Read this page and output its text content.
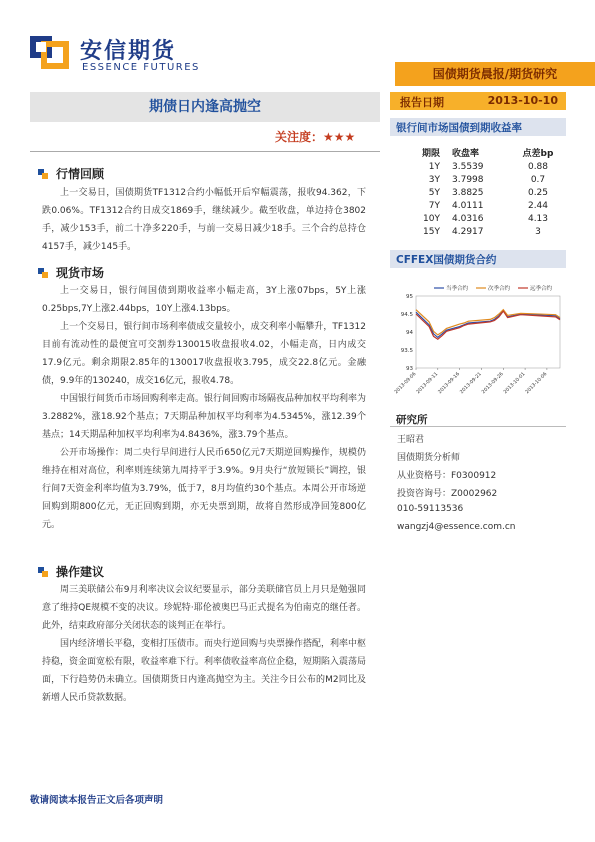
安信期货
ESSENCE FUTURES	国债期货晨报/期货研究
期债日内逢高抛空	报告日期	2013-10-10
关注度：★★★
行情回顾

上一交易日，国债期货TF1312合约小幅低开后窄幅震荡，报收94.362，下跌0.06%。TF1312合约日成交1869手，继续减少。截至收盘，单边持仓3802手，减少153手，前二十净多220手，与前一交易日减少18手。三个合约总持仓4157手，减少145手。

现货市场

上一交易日，银行间国债到期收益率小幅走高，3Y上涨07bps，5Y上涨0.25bps,7Y上涨2.44bps，10Y上涨4.13bps。

上一个交易日，银行间市场利率债成交量较小，成交利率小幅攀升，TF1312目前有流动性的最便宜可交割券130015收盘报收4.02，小幅走高，日内成交17.9亿元。剩余期限2.85年的130017收盘报收3.795，成交22.8亿元。金融债，9.9年的130240，成交16亿元，报收4.78。

中国银行间货币市场回购利率走高。银行间回购市场隔夜品种加权平均利率为3.2882%，涨18.92个基点；7天期品种加权平均利率为4.5345%，涨12.39个基点；14天期品种加权平均利率为4.8436%，涨3.79个基点。

公开市场操作：周二央行早间进行人民币650亿元7天期逆回购操作，规模仍维持在相对高位，利率则连续第九周持平于3.9%。9月央行“放短锁长”调控，银行间7天资金利率均值为3.79%，低于7，8月均值约30个基点。本周公开市场逆回购到期800亿元，无正回购到期，亦无央票到期，故将自然形成净回笼800亿元。

操作建议

周三美联储公布9月利率决议会议纪要显示，部分美联储官员上月只是勉强同意了维持QE规模不变的决议。珍妮特·耶伦被奥巴马正式提名为伯南克的继任者。此外，结束政府部分关闭状态的谈判正在举行。

国内经济增长平稳，变相打压债市。而央行逆回购与央票操作搭配，利率中枢持稳，资金面宽松有限，收益率难下行。利率债收益率高位企稳，短期陷入震荡局面，下行趋势仍未确立。国债期货日内逢高抛空为主。关注今日公布的M2同比及新增人民币贷款数据。

银行间市场国债到期收益率
期限	收盘率	点差bp
1Y	3.5539	0.88
3Y	3.7998	0.7
5Y	3.8825	0.25
7Y	4.0111	2.44
10Y	4.0316	4.13
15Y	4.2917	3
CFFEX国债期货合约
93
93.5
94
94.5
95
2013-09-06
2013-09-11
2013-09-16
2013-09-21
2013-09-26
2013-10-01
2013-10-06
当季合约	次季合约	远季合约
研究所
王昭君
国债期货分析师
从业资格号：F0300912
投资咨询号：Z0002962
010-59113536
wangzj4@essence.com.cn
敬请阅读本报告正文后各项声明
